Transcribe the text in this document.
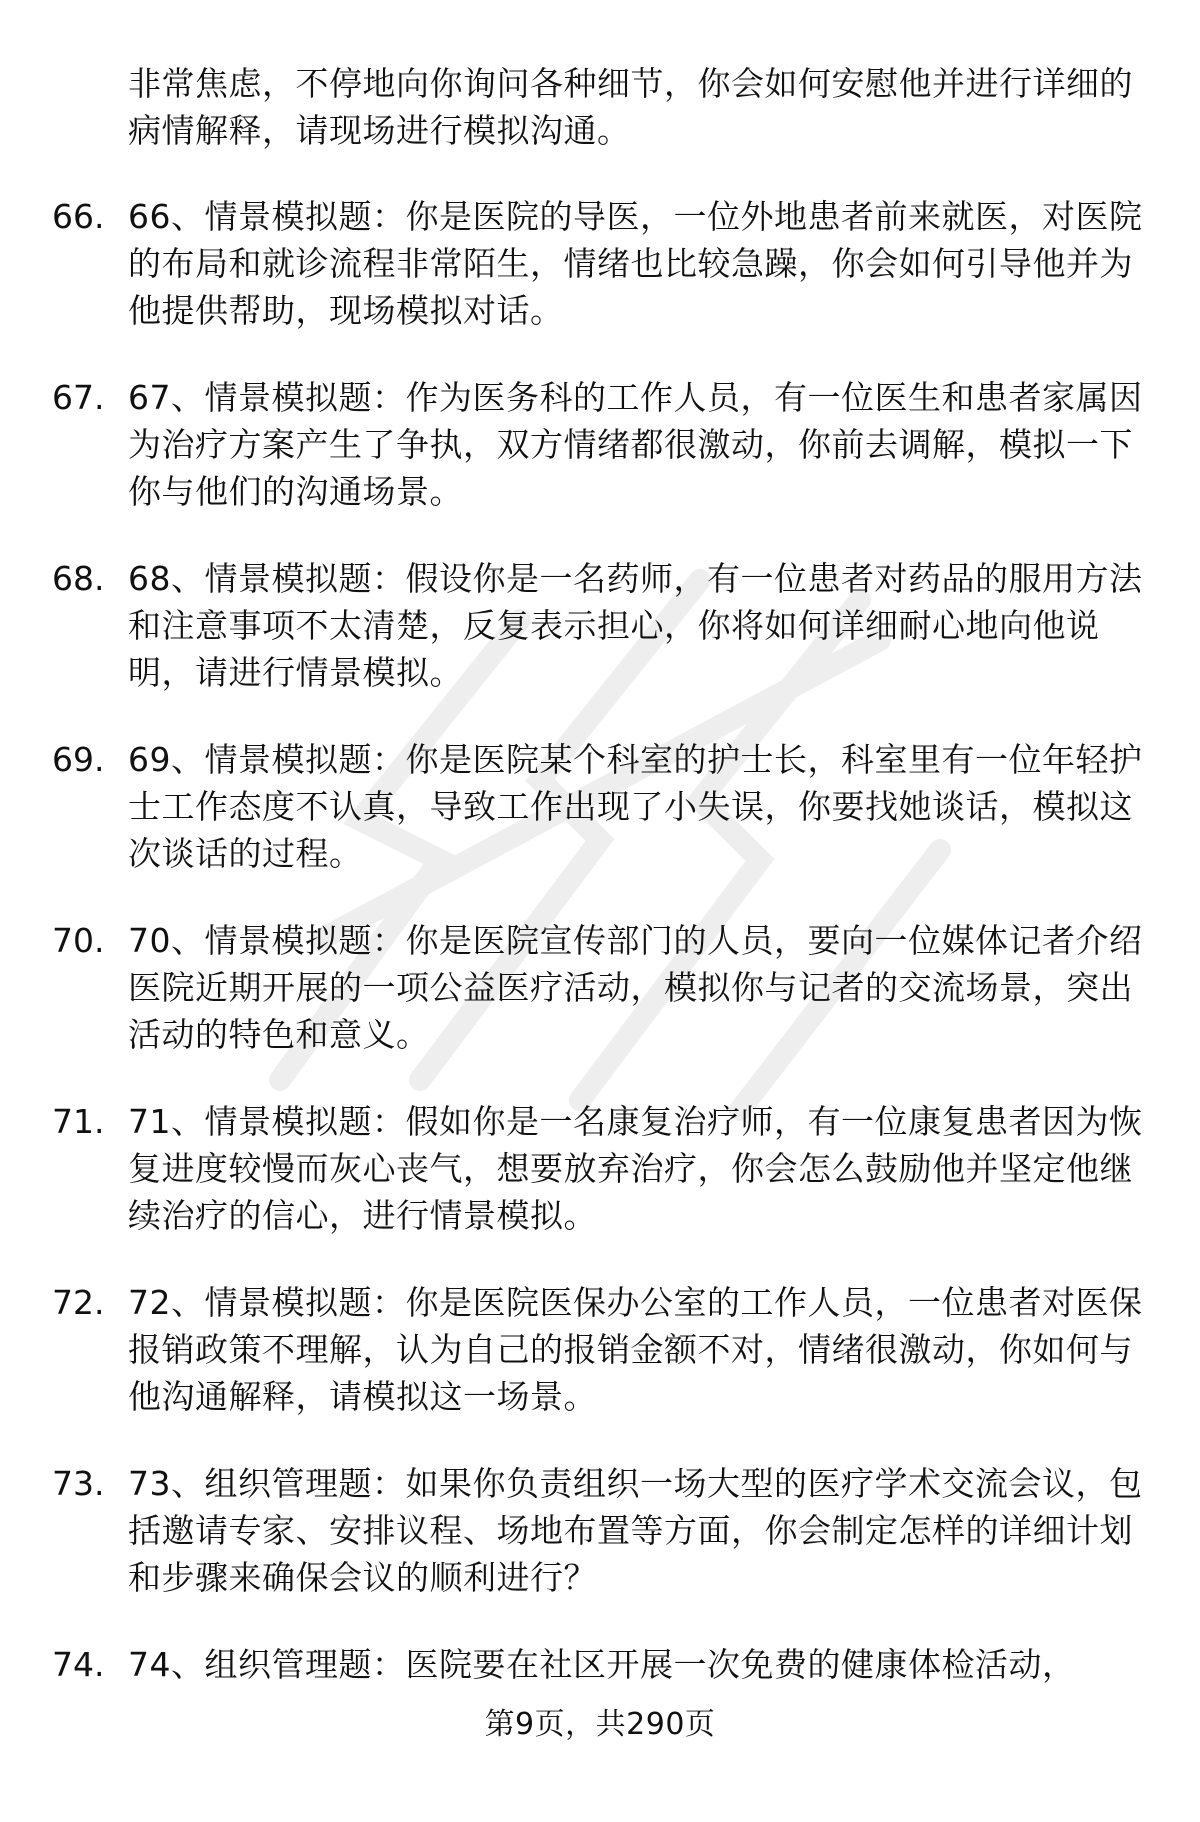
非常焦虑，不停地向你询问各种细节，你会如何安慰他并进行详细的病情解释，请现场进行模拟沟通。
66. 66、情景模拟题：你是医院的导医，一位外地患者前来就医，对医院的布局和就诊流程非常陌生，情绪也比较急躁，你会如何引导他并为他提供帮助，现场模拟对话。
67. 67、情景模拟题：作为医务科的工作人员，有一位医生和患者家属因为治疗方案产生了争执，双方情绪都很激动，你前去调解，模拟一下你与他们的沟通场景。
68. 68、情景模拟题：假设你是一名药师，有一位患者对药品的服用方法和注意事项不太清楚，反复表示担心，你将如何详细耐心地向他说明，请进行情景模拟。
69. 69、情景模拟题：你是医院某个科室的护士长，科室里有一位年轻护士工作态度不认真，导致工作出现了小失误，你要找她谈话，模拟这次谈话的过程。
70. 70、情景模拟题：你是医院宣传部门的人员，要向一位媒体记者介绍医院近期开展的一项公益医疗活动，模拟你与记者的交流场景，突出活动的特色和意义。
71. 71、情景模拟题：假如你是一名康复治疗师，有一位康复患者因为恢复进度较慢而灰心丧气，想要放弃治疗，你会怎么鼓励他并坚定他继续治疗的信心，进行情景模拟。
72. 72、情景模拟题：你是医院医保办公室的工作人员，一位患者对医保报销政策不理解，认为自己的报销金额不对，情绪很激动，你如何与他沟通解释，请模拟这一场景。
73. 73、组织管理题：如果你负责组织一场大型的医疗学术交流会议，包括邀请专家、安排议程、场地布置等方面，你会制定怎样的详细计划和步骤来确保会议的顺利进行？
74. 74、组织管理题：医院要在社区开展一次免费的健康体检活动，
第9页，共290页
